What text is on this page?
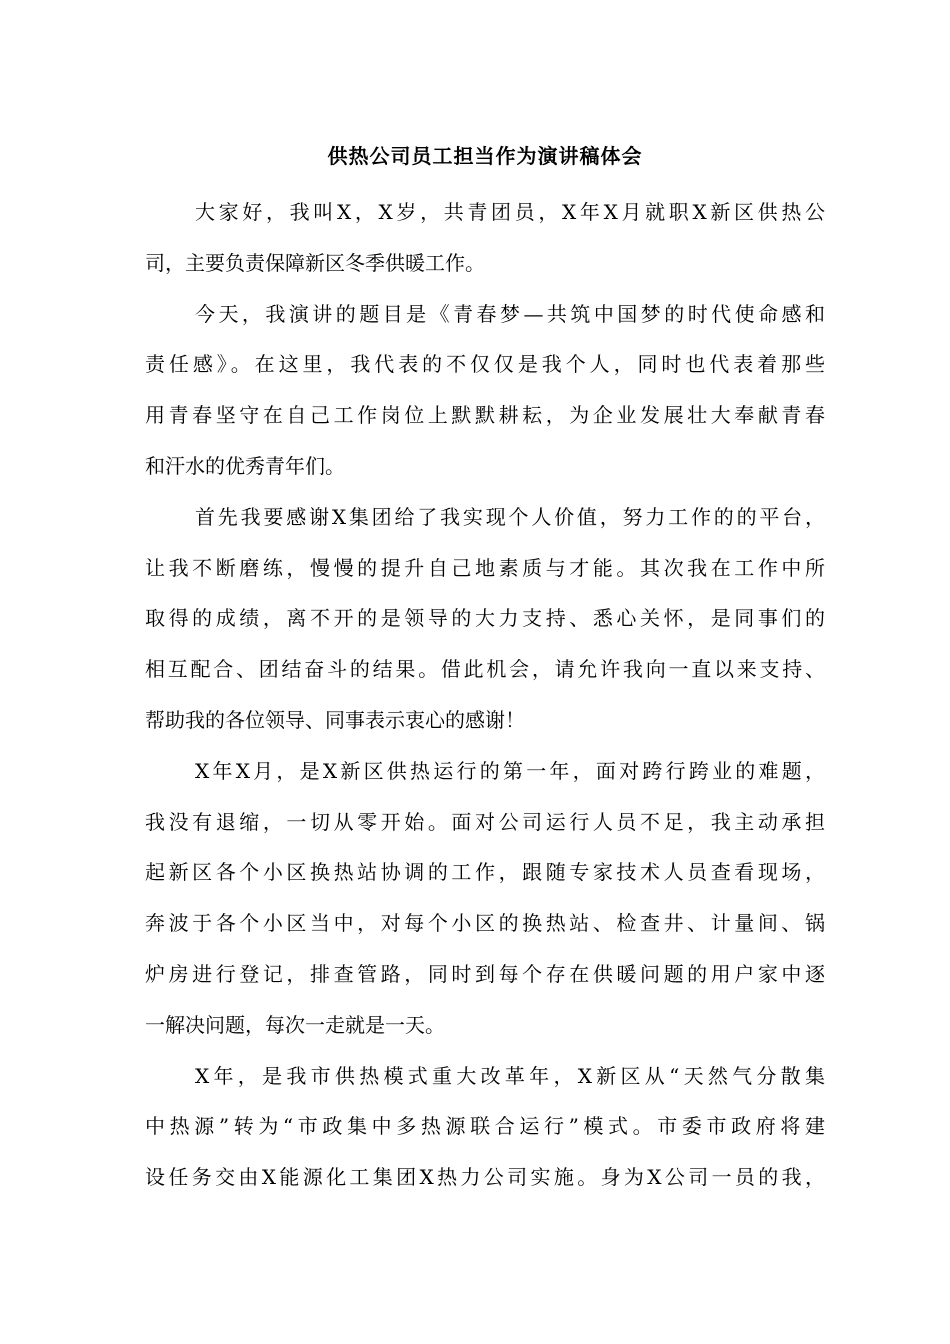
供热公司员工担当作为演讲稿体会

大家好，我叫X，X岁，共青团员，X年X月就职X新区供热公
司，主要负责保障新区冬季供暖工作。

今天，我演讲的题目是《青春梦—共筑中国梦的时代使命感和
责任感》。在这里，我代表的不仅仅是我个人，同时也代表着那些
用青春坚守在自己工作岗位上默默耕耘，为企业发展壮大奉献青春
和汗水的优秀青年们。

首先我要感谢X集团给了我实现个人价值，努力工作的的平台，
让我不断磨练，慢慢的提升自己地素质与才能。其次我在工作中所
取得的成绩，离不开的是领导的大力支持、悉心关怀，是同事们的
相互配合、团结奋斗的结果。借此机会，请允许我向一直以来支持、
帮助我的各位领导、同事表示衷心的感谢！

X年X月，是X新区供热运行的第一年，面对跨行跨业的难题，
我没有退缩，一切从零开始。面对公司运行人员不足，我主动承担
起新区各个小区换热站协调的工作，跟随专家技术人员查看现场，
奔波于各个小区当中，对每个小区的换热站、检查井、计量间、锅
炉房进行登记，排查管路，同时到每个存在供暖问题的用户家中逐
一解决问题，每次一走就是一天。

X年，是我市供热模式重大改革年，X新区从“天然气分散集
中热源”转为“市政集中多热源联合运行”模式。市委市政府将建
设任务交由X能源化工集团X热力公司实施。身为X公司一员的我，
